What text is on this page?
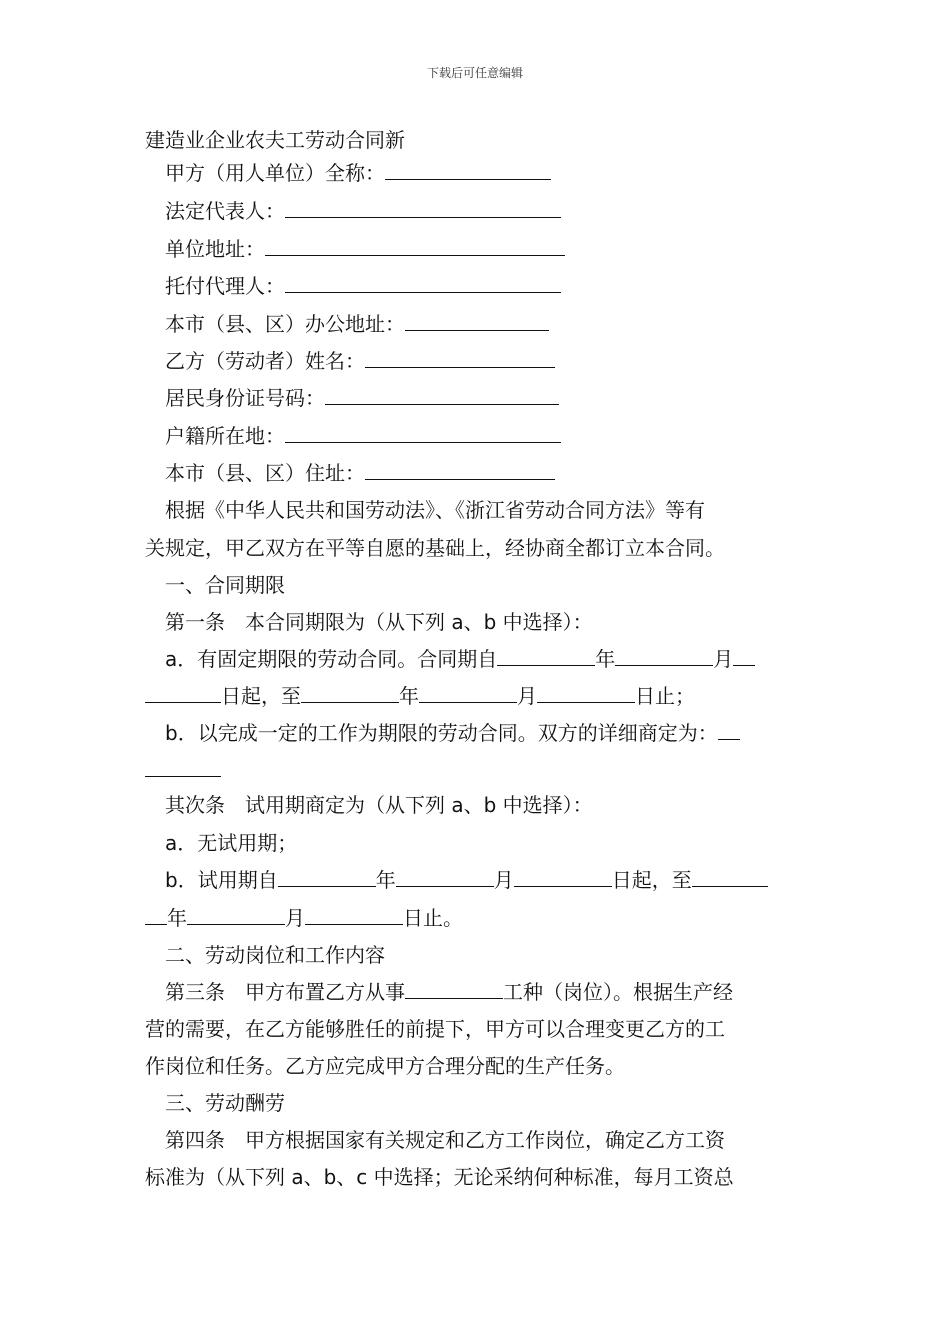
下载后可任意编辑
建造业企业农夫工劳动合同新
甲方（用人单位）全称：
法定代表人：
单位地址：
托付代理人：
本市（县、区）办公地址：
乙方（劳动者）姓名：
居民身份证号码：
户籍所在地：
本市（县、区）住址：
根据《中华人民共和国劳动法》、《浙江省劳动合同方法》等有
关规定，甲乙双方在平等自愿的基础上，经协商全都订立本合同。
一、合同期限
第一条　本合同期限为（从下列 a、b 中选择）：
a．有固定期限的劳动合同。合同期自	年	月
日起，至	年	月	日止；
b．以完成一定的工作为期限的劳动合同。双方的详细商定为：
其次条　试用期商定为（从下列 a、b 中选择）：
a．无试用期；
b．试用期自	年	月	日起，至
年	月	日止。
二、劳动岗位和工作内容
第三条　甲方布置乙方从事	工种（岗位）。根据生产经
营的需要，在乙方能够胜任的前提下，甲方可以合理变更乙方的工
作岗位和任务。乙方应完成甲方合理分配的生产任务。
三、劳动酬劳
第四条　甲方根据国家有关规定和乙方工作岗位，确定乙方工资
标准为（从下列 a、b、c 中选择；无论采纳何种标准，每月工资总
